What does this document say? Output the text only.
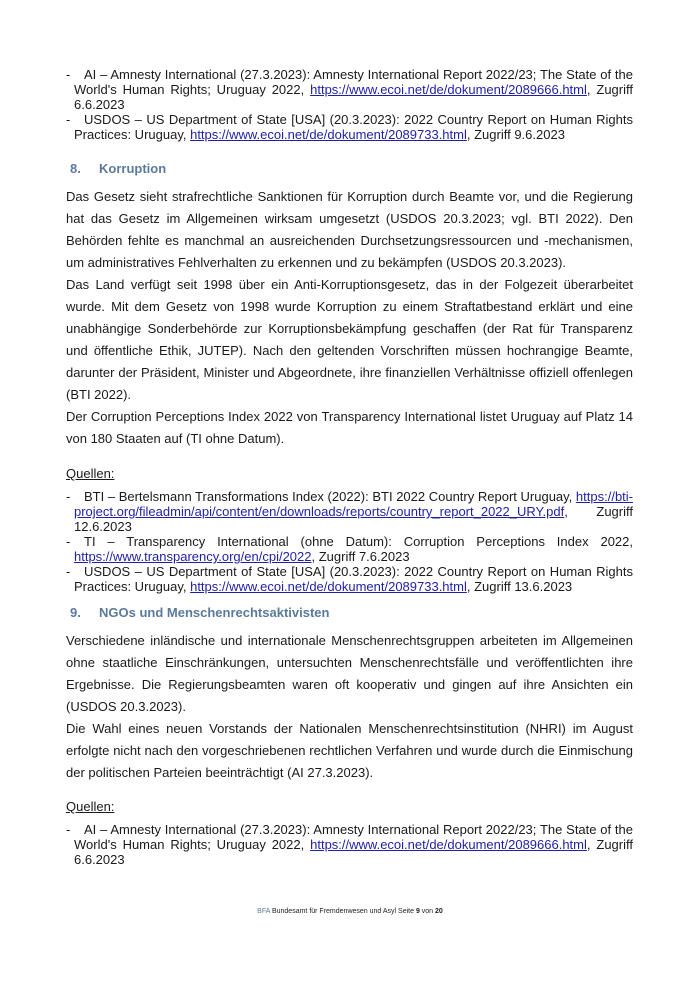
-	AI – Amnesty International (27.3.2023): Amnesty International Report 2022/23; The State of the World's Human Rights; Uruguay 2022, https://www.ecoi.net/de/dokument/2089666.html, Zugriff 6.6.2023
-	USDOS – US Department of State [USA] (20.3.2023): 2022 Country Report on Human Rights Practices: Uruguay, https://www.ecoi.net/de/dokument/2089733.html, Zugriff 9.6.2023
8. Korruption

Das Gesetz sieht strafrechtliche Sanktionen für Korruption durch Beamte vor, und die Regierung hat das Gesetz im Allgemeinen wirksam umgesetzt (USDOS 20.3.2023; vgl. BTI 2022). Den Behörden fehlte es manchmal an ausreichenden Durchsetzungsressourcen und -mechanismen, um administratives Fehlverhalten zu erkennen und zu bekämpfen (USDOS 20.3.2023).

Das Land verfügt seit 1998 über ein Anti-Korruptionsgesetz, das in der Folgezeit überarbeitet wurde. Mit dem Gesetz von 1998 wurde Korruption zu einem Straftatbestand erklärt und eine unabhängige Sonderbehörde zur Korruptionsbekämpfung geschaffen (der Rat für Transparenz und öffentliche Ethik, JUTEP). Nach den geltenden Vorschriften müssen hochrangige Beamte, darunter der Präsident, Minister und Abgeordnete, ihre finanziellen Verhältnisse offiziell offenlegen (BTI 2022).

Der Corruption Perceptions Index 2022 von Transparency International listet Uruguay auf Platz 14 von 180 Staaten auf (TI ohne Datum).

Quellen:

-	BTI – Bertelsmann Transformations Index (2022): BTI 2022 Country Report Uruguay, https://bti-project.org/fileadmin/api/content/en/downloads/reports/country_report_2022_URY.pdf, Zugriff 12.6.2023
-	TI – Transparency International (ohne Datum): Corruption Perceptions Index 2022, https://www.transparency.org/en/cpi/2022, Zugriff 7.6.2023
-	USDOS – US Department of State [USA] (20.3.2023): 2022 Country Report on Human Rights Practices: Uruguay, https://www.ecoi.net/de/dokument/2089733.html, Zugriff 13.6.2023
9. NGOs und Menschenrechtsaktivisten

Verschiedene inländische und internationale Menschenrechtsgruppen arbeiteten im Allgemeinen ohne staatliche Einschränkungen, untersuchten Menschenrechtsfälle und veröffentlichten ihre Ergebnisse. Die Regierungsbeamten waren oft kooperativ und gingen auf ihre Ansichten ein (USDOS 20.3.2023).

Die Wahl eines neuen Vorstands der Nationalen Menschenrechtsinstitution (NHRI) im August erfolgte nicht nach den vorgeschriebenen rechtlichen Verfahren und wurde durch die Einmischung der politischen Parteien beeinträchtigt (AI 27.3.2023).

Quellen:

-	AI – Amnesty International (27.3.2023): Amnesty International Report 2022/23; The State of the World's Human Rights; Uruguay 2022, https://www.ecoi.net/de/dokument/2089666.html, Zugriff 6.6.2023
BFA Bundesamt für Fremdenwesen und Asyl Seite 9 von 20
